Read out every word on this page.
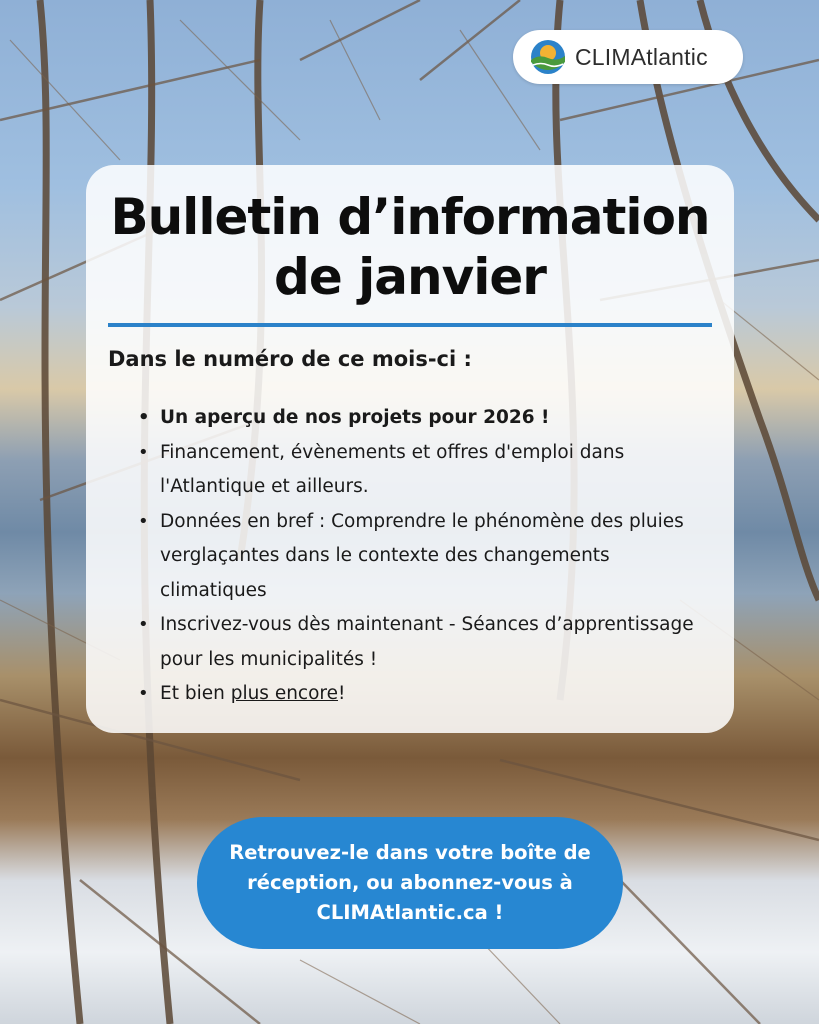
CLIMAtlantic
Bulletin d’information
de janvier
Dans le numéro de ce mois-ci :
• Un aperçu de nos projets pour 2026 !
• Financement, évènements et offres d'emploi dans l'Atlantique et ailleurs.
• Données en bref : Comprendre le phénomène des pluies verglaçantes dans le contexte des changements climatiques
• Inscrivez-vous dès maintenant - Séances d’apprentissage pour les municipalités !
• Et bien plus encore!
Retrouvez-le dans votre boîte de réception, ou abonnez-vous à CLIMAtlantic.ca !
